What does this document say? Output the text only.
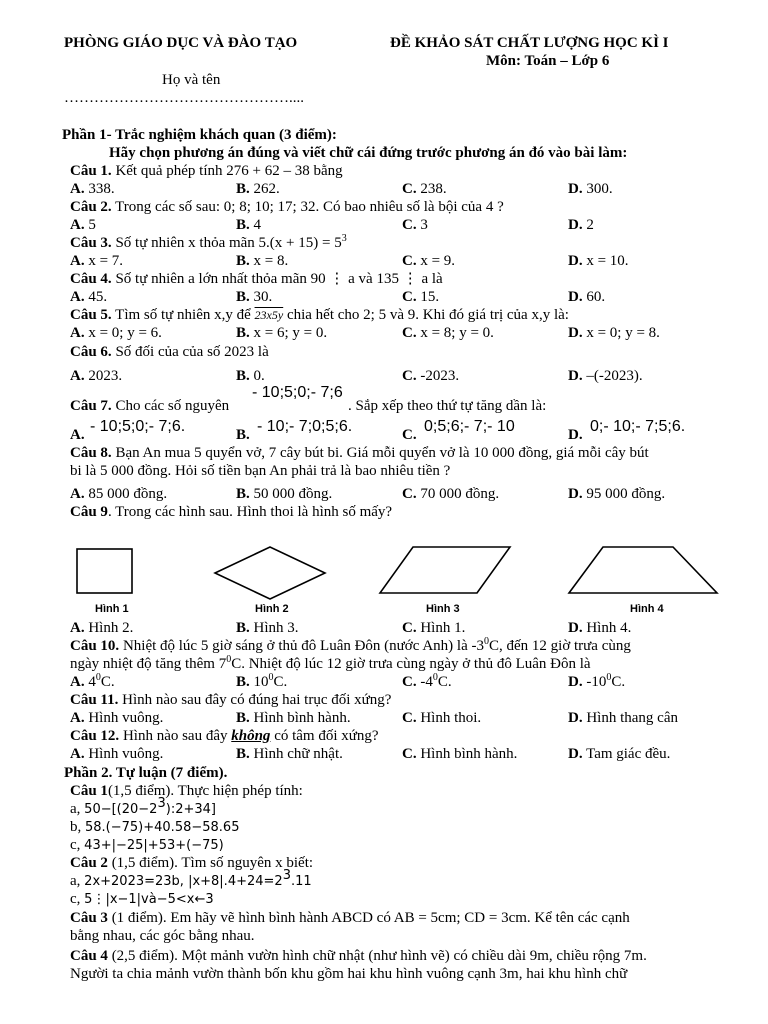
PHÒNG GIÁO DỤC VÀ ĐÀO TẠO	ĐỀ KHẢO SÁT CHẤT LƯỢNG HỌC KÌ I
Môn: Toán – Lớp 6
Họ và tên
………………………………………....
Phần 1- Trắc nghiệm khách quan (3 điểm):
Hãy chọn phương án đúng và viết chữ cái đứng trước phương án đó vào bài làm:
Câu 1. Kết quả phép tính 276 + 62 – 38 bằng
A. 338.	B. 262.	C. 238.	D. 300.
Câu 2. Trong các số sau: 0; 8; 10; 17; 32. Có bao nhiêu số là bội của 4 ?
A. 5	B. 4	C. 3	D. 2
Câu 3. Số tự nhiên x thỏa mãn $5.(x + 15) = 5^3$
A. x = 7.	B. x = 8.	C. x = 9.	D. x = 10.
Câu 4. Số tự nhiên a lớn nhất thỏa mãn 90 ⋮ a và 135 ⋮ a là
A. 45.	B. 30.	C. 15.	D. 60.
Câu 5. Tìm số tự nhiên x,y để 23x5y chia hết cho 2; 5 và 9. Khi đó giá trị của x,y là:
A. x = 0; y = 6.	B. x = 6; y = 0.	C. x = 8; y = 0.	D. x = 0; y = 8.
Câu 6. Số đối của của số 2023 là
A. 2023.	B. 0.	C. -2023.	D. –(-2023).
Câu 7. Cho các số nguyên
- 10;5;0;- 7;6
. Sắp xếp theo thứ tự tăng dần là:
A. - 10;5;0;- 7;6.	B. - 10;- 7;0;5;6.	C. 0;5;6;- 7;- 10	D. 0;- 10;- 7;5;6.
Câu 8. Bạn An mua 5 quyển vở, 7 cây bút bi. Giá mỗi quyển vở là 10 000 đồng, giá mỗi cây bút
bi là 5 000 đồng. Hỏi số tiền bạn An phải trả là bao nhiêu tiền ?
A. 85 000 đồng.	B. 50 000 đồng.	C. 70 000 đồng.	D. 95 000 đồng.
Câu 9. Trong các hình sau. Hình thoi là hình số mấy?
Hình 1	Hình 2	Hình 3	Hình 4
A. Hình 2.	B. Hình 3.	C. Hình 1.	D. Hình 4.
Câu 10. Nhiệt độ lúc 5 giờ sáng ở thủ đô Luân Đôn (nước Anh) là $-3^0C$, đến 12 giờ trưa cùng
ngày nhiệt độ tăng thêm $7^0C$. Nhiệt độ lúc 12 giờ trưa cùng ngày ở thủ đô Luân Đôn là
A. $4^0C$.	B. $10^0C$.	C. $-4^0C$.	D. $-10^0C$.
Câu 11. Hình nào sau đây có đúng hai trục đối xứng?
A. Hình vuông.	B. Hình bình hành.	C. Hình thoi.	D. Hình thang cân
Câu 12. Hình nào sau đây không có tâm đối xứng?
A. Hình vuông.	B. Hình chữ nhật.	C. Hình bình hành.	D. Tam giác đều.
Phần 2. Tự luận (7 điểm).
Câu 1(1,5 điểm). Thực hiện phép tính:
a, $50-[(20-2^3):2+34]$
b, 58.(−75)+40.58−58.65
c, 43+|−25|+53+(−75)
Câu 2 (1,5 điểm). Tìm số nguyên x biết:
a, 2x+2023=23b, $|x+8|.4+24=2^3.11$
c, 5⋮|x−1|và−5<x←3
Câu 3 (1 điểm). Em hãy vẽ hình bình hành ABCD có AB = 5cm; CD = 3cm. Kể tên các cạnh
bằng nhau, các góc bằng nhau.
Câu 4 (2,5 điểm). Một mảnh vườn hình chữ nhật (như hình vẽ) có chiều dài 9m, chiều rộng 7m.
Người ta chia mảnh vườn thành bốn khu gồm hai khu hình vuông cạnh 3m, hai khu hình chữ
